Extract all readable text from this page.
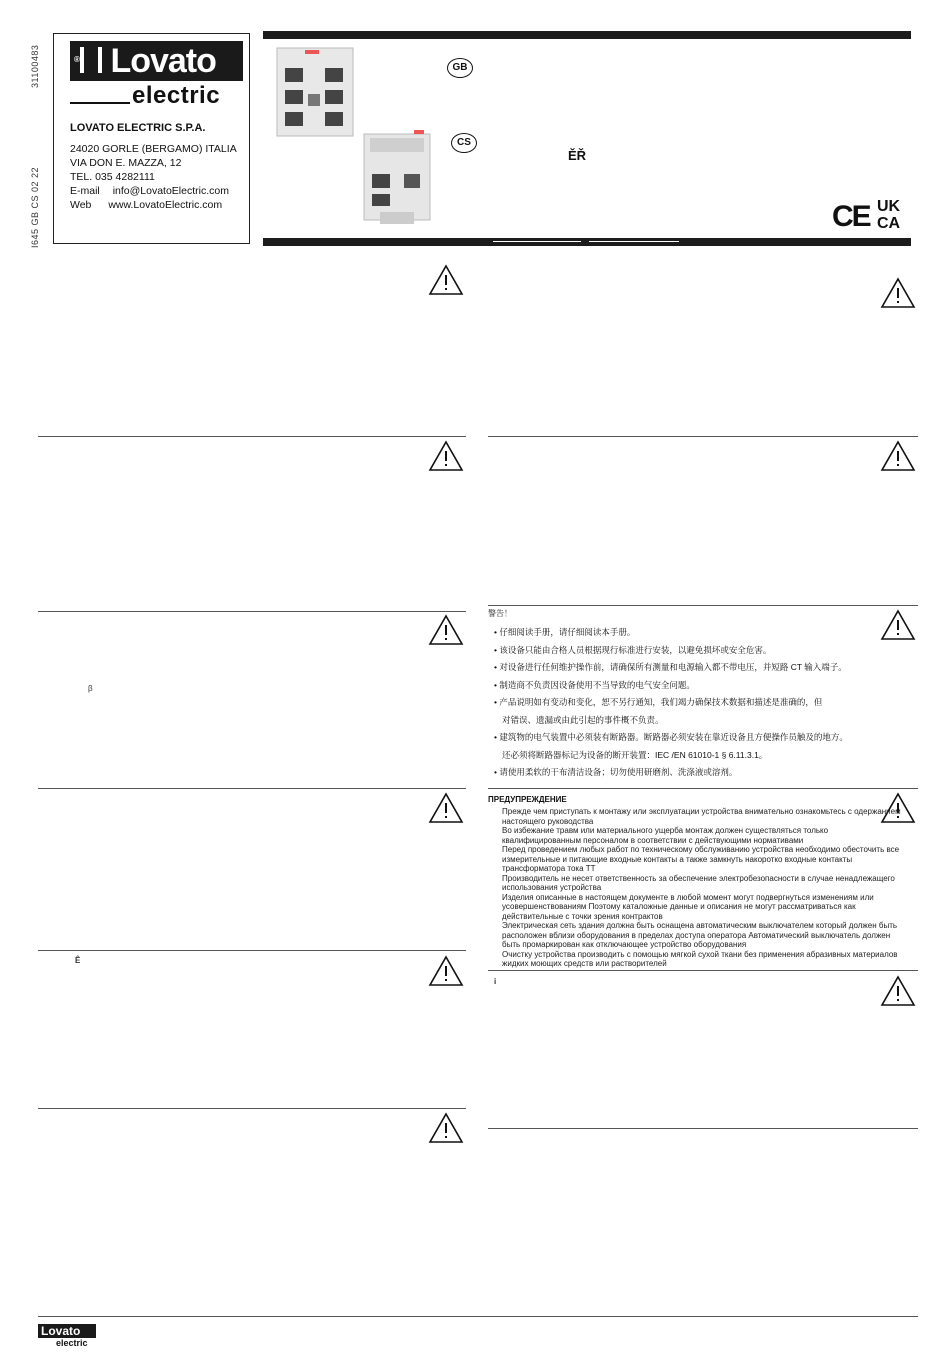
31100483
I645 GB CS 02 22
® Lovato
electric
LOVATO ELECTRIC S.P.A.
24020 GORLE (BERGAMO) ITALIA
VIA DON E. MAZZA, 12
TEL. 035 4282111
E-mail info@LovatoElectric.com
Web www.LovatoElectric.com
GB
CS
ĚŘ
CE UK
CA
β
Ê
警告！
• 仔细阅读手册，请仔细阅读本手册。
• 该设备只能由合格人员根据现行标准进行安装，以避免损坏或安全危害。
• 对设备进行任何维护操作前，请确保所有测量和电源输入都不带电压，并短路 CT 输入端子。
• 制造商不负责因设备使用不当导致的电气安全问题。
• 产品说明如有变动和变化，恕不另行通知，我们竭力确保技术数据和描述是准确的，但
对错误、遗漏或由此引起的事件概不负责。
• 建筑物的电气装置中必须装有断路器。断路器必须安装在靠近设备且方便操作员触及的地方。
还必须将断路器标记为设备的断开装置：IEC /EN 61010-1 § 6.11.3.1。
• 请使用柔软的干布清洁设备；切勿使用研磨剂、洗涤液或溶剂。
ПРЕДУПРЕЖДЕНИЕ

Прежде чем приступать к монтажу или эксплуатации устройства внимательно ознакомьтесь с одержанием настоящего руководства

Во избежание травм или материального ущерба монтаж должен существляться только квалифицированным персоналом в соответствии с действующими нормативами

Перед проведением любых работ по техническому обслуживанию устройства необходимо обесточить все измерительные и питающие входные контакты а также замкнуть накоротко входные контакты трансформатора тока ТТ

Производитель не несет ответственность за обеспечение электробезопасности в случае ненадлежащего использования устройства

Изделия описанные в настоящем документе в любой момент могут подвергнуться изменениям или усовершенствованиям Поэтому каталожные данные и описания не могут рассматриваться как действительные с точки зрения контрактов

Электрическая сеть здания должна быть оснащена автоматическим выключателем который должен быть расположен вблизи оборудования в пределах доступа оператора Автоматический выключатель должен быть промаркирован как отключающее устройство оборудования

Очистку устройства производить с помощью мягкой сухой ткани без применения абразивных материалов жидких моющих средств или растворителей

i
Lovato
electric
